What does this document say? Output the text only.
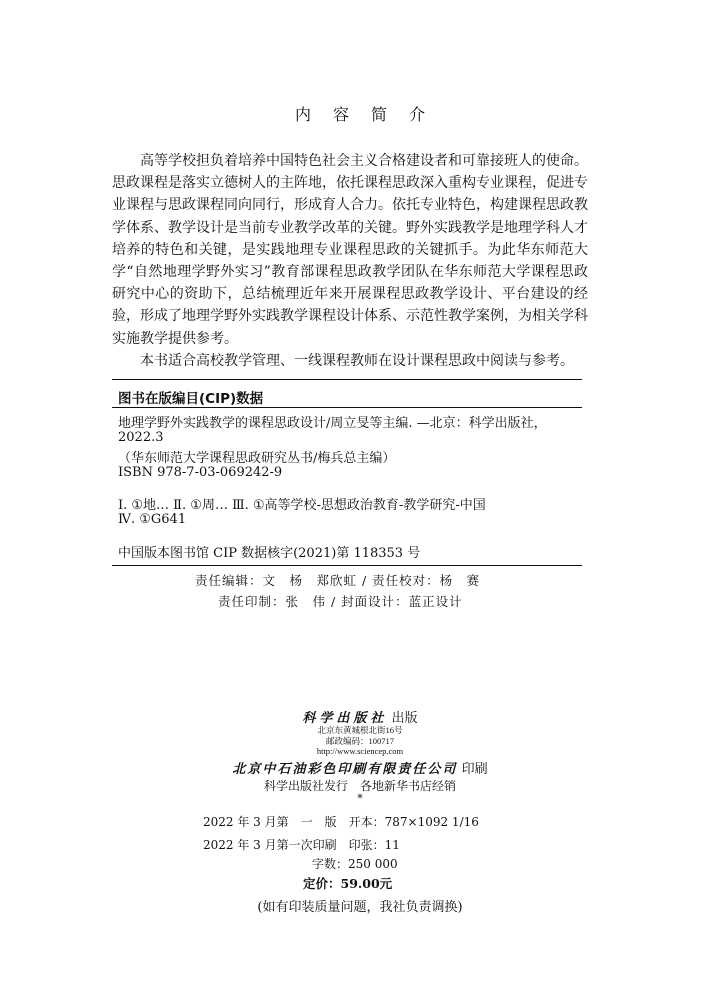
内容简介

高等学校担负着培养中国特色社会主义合格建设者和可靠接班人的使命。思政课程是落实立德树人的主阵地，依托课程思政深入重构专业课程，促进专业课程与思政课程同向同行，形成育人合力。依托专业特色，构建课程思政教学体系、教学设计是当前专业教学改革的关键。野外实践教学是地理学科人才培养的特色和关键，是实践地理专业课程思政的关键抓手。为此华东师范大学“自然地理学野外实习”教育部课程思政教学团队在华东师范大学课程思政研究中心的资助下，总结梳理近年来开展课程思政教学设计、平台建设的经验，形成了地理学野外实践教学课程设计体系、示范性教学案例，为相关学科实施教学提供参考。

本书适合高校教学管理、一线课程教师在设计课程思政中阅读与参考。

图书在版编目(CIP)数据
地理学野外实践教学的课程思政设计/周立旻等主编. —北京：科学出版社，
2022.3
（华东师范大学课程思政研究丛书/梅兵总主编）
ISBN 978-7-03-069242-9
Ⅰ. ①地… Ⅱ. ①周… Ⅲ. ①高等学校-思想政治教育-教学研究-中国
Ⅳ. ①G641
中国版本图书馆 CIP 数据核字(2021)第 118353 号
责任编辑：文　杨　郑欣虹 / 责任校对：杨　赛
责任印制：张　伟 / 封面设计：蓝正设计
科学出版社 出版
北京东黄城根北街16号
邮政编码：100717
http://www.sciencep.com
北京中石油彩色印刷有限责任公司 印刷
科学出版社发行　各地新华书店经销
*
2022 年 3 月第　一　版　开本：787×1092 1/16
2022 年 3 月第一次印刷　印张：11
字数：250 000
定价：59.00元
(如有印装质量问题，我社负责调换)
